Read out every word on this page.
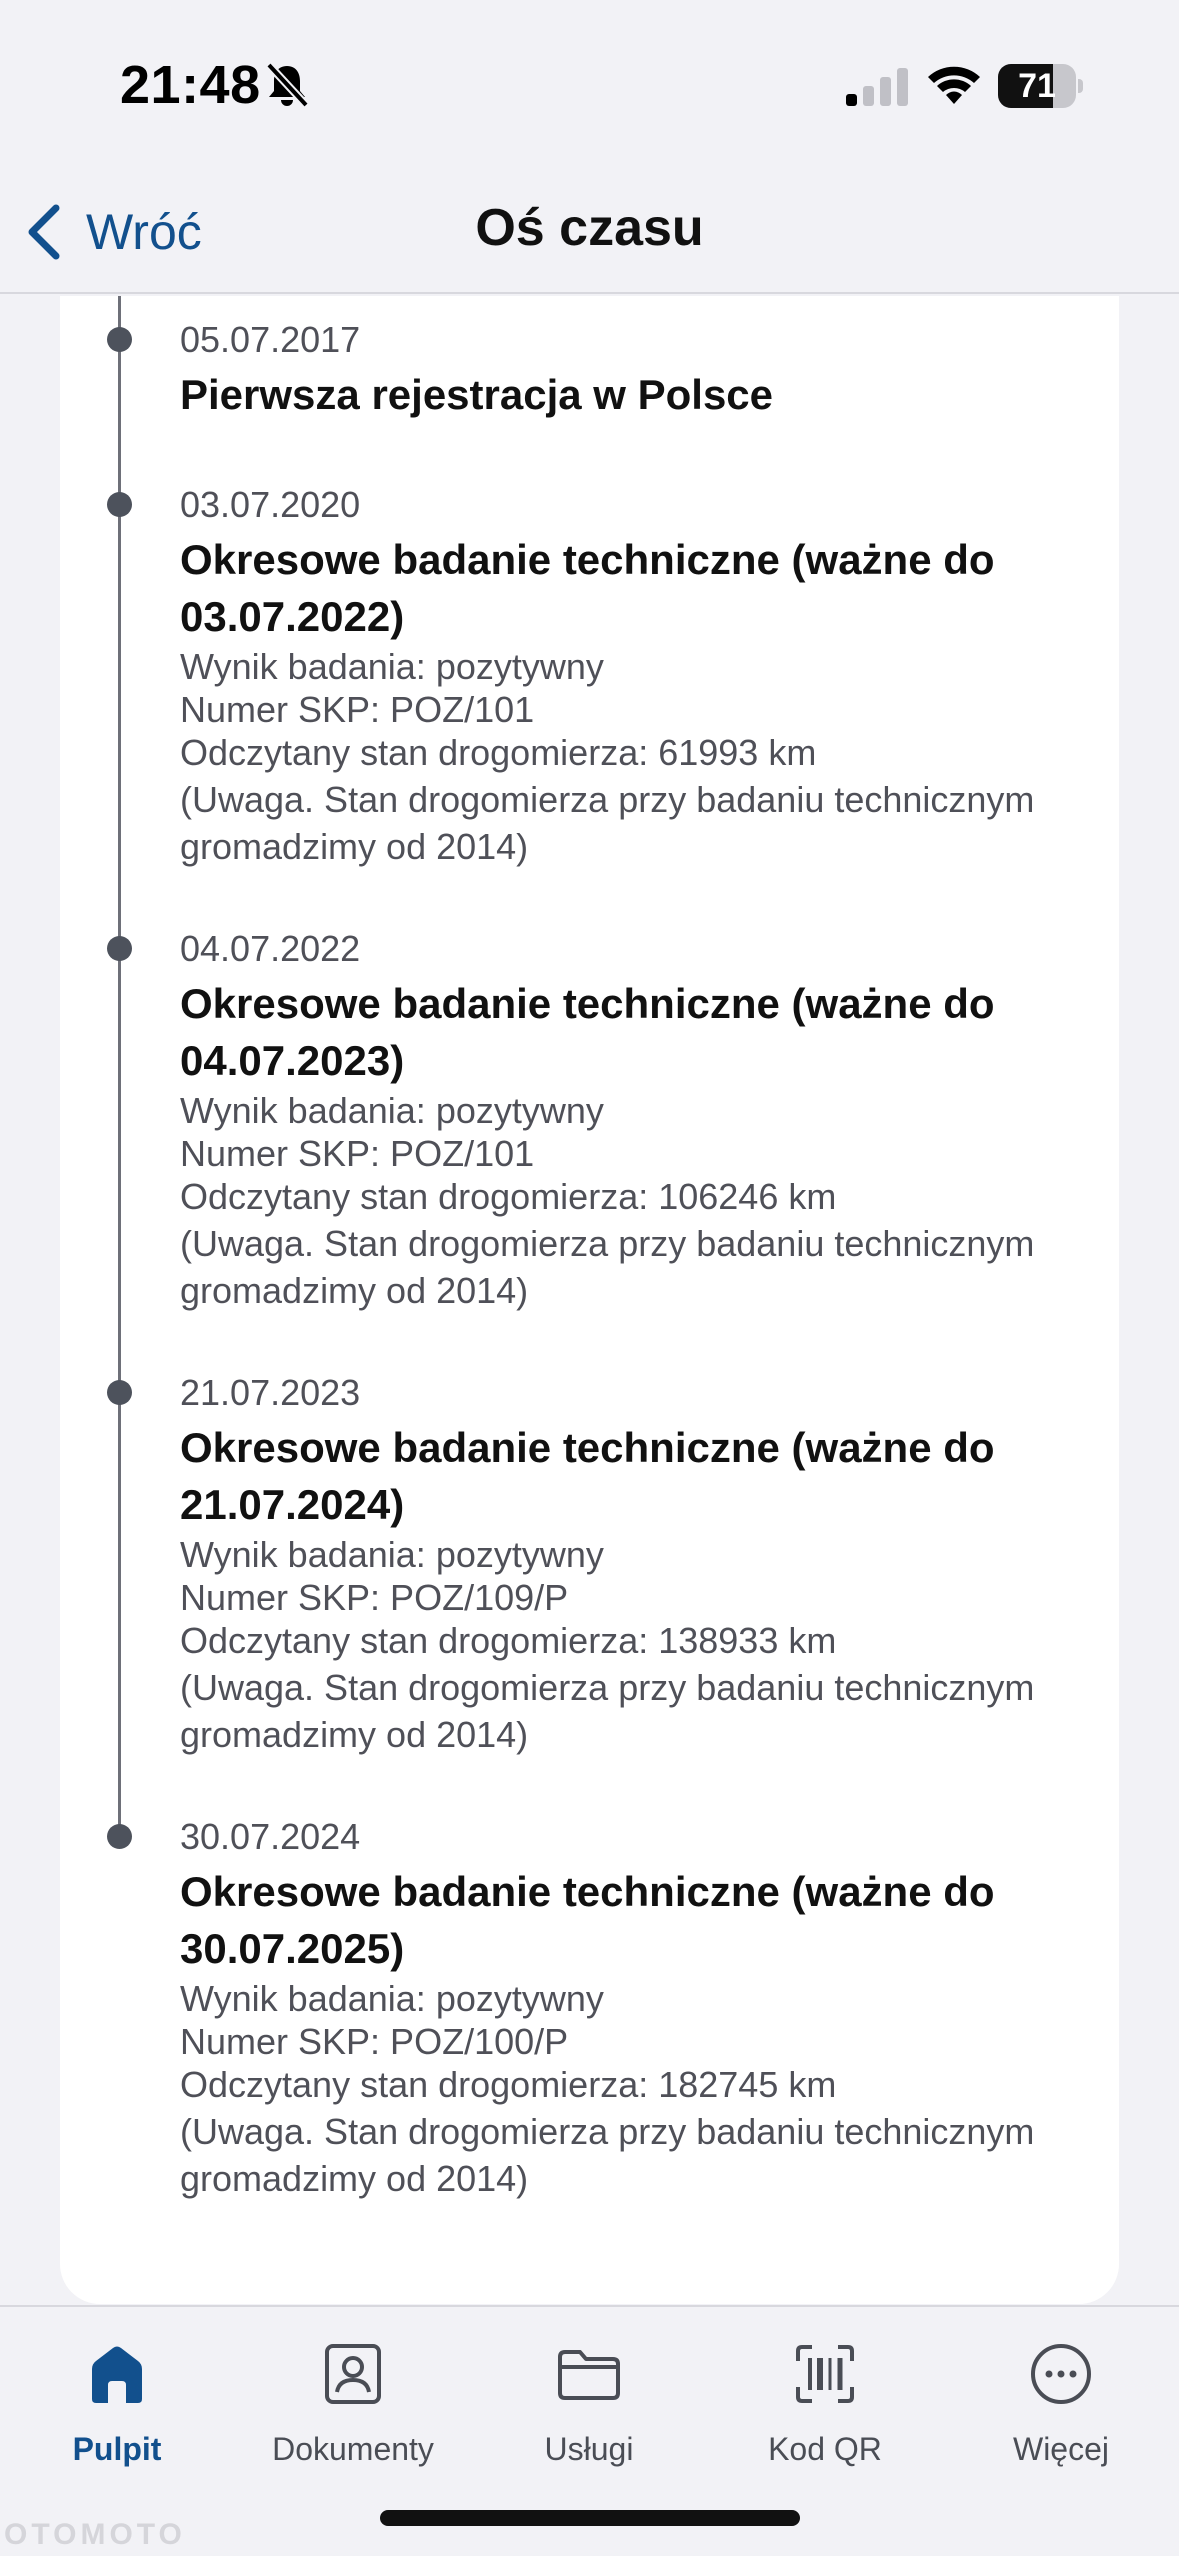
21:48	71
Wróć	Oś czasu
05.07.2017
Pierwsza rejestracja w Polsce
03.07.2020
Okresowe badanie techniczne (ważne do 03.07.2022)
Wynik badania: pozytywny
Numer SKP: POZ/101
Odczytany stan drogomierza: 61993 km
(Uwaga. Stan drogomierza przy badaniu technicznym gromadzimy od 2014)
04.07.2022
Okresowe badanie techniczne (ważne do 04.07.2023)
Wynik badania: pozytywny
Numer SKP: POZ/101
Odczytany stan drogomierza: 106246 km
(Uwaga. Stan drogomierza przy badaniu technicznym gromadzimy od 2014)
21.07.2023
Okresowe badanie techniczne (ważne do 21.07.2024)
Wynik badania: pozytywny
Numer SKP: POZ/109/P
Odczytany stan drogomierza: 138933 km
(Uwaga. Stan drogomierza przy badaniu technicznym gromadzimy od 2014)
30.07.2024
Okresowe badanie techniczne (ważne do 30.07.2025)
Wynik badania: pozytywny
Numer SKP: POZ/100/P
Odczytany stan drogomierza: 182745 km
(Uwaga. Stan drogomierza przy badaniu technicznym gromadzimy od 2014)
Pulpit	Dokumenty	Usługi	Kod QR	Więcej
OTOMOTO
